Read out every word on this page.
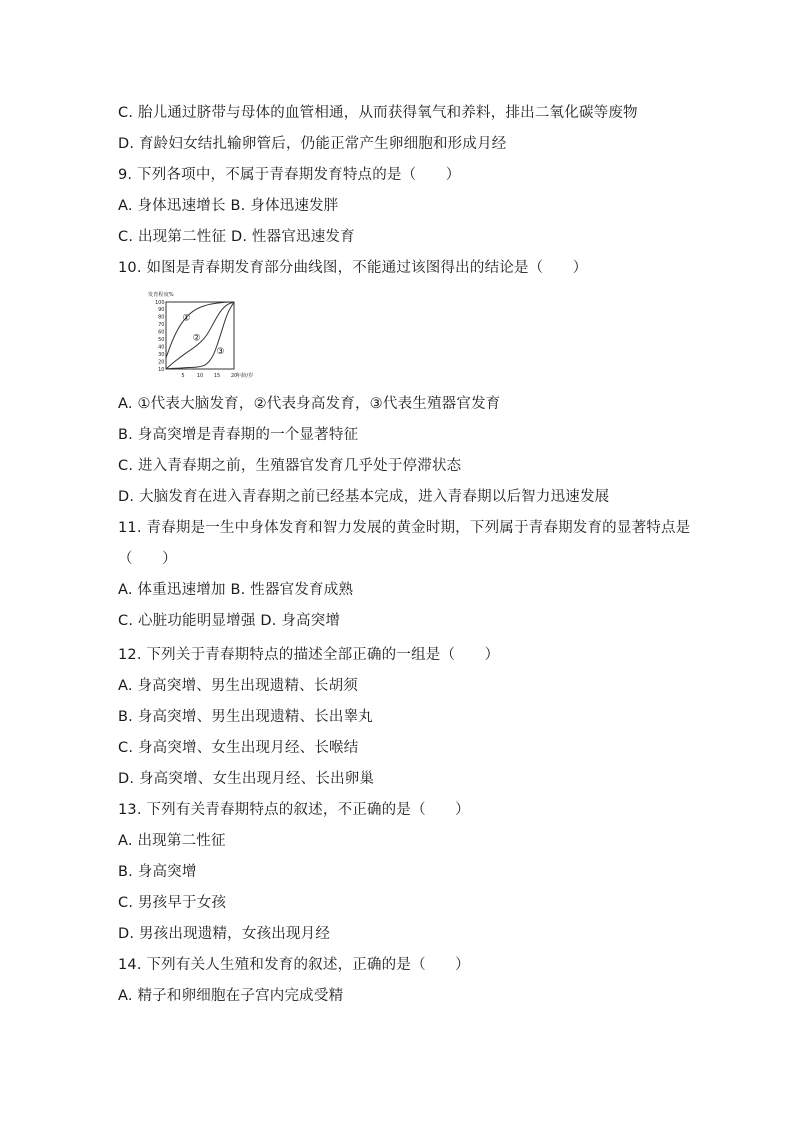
C. 胎儿通过脐带与母体的血管相通，从而获得氧气和养料，排出二氧化碳等废物
D. 育龄妇女结扎输卵管后，仍能正常产生卵细胞和形成月经
9. 下列各项中，不属于青春期发育特点的是（　　）
A. 身体迅速增长 B. 身体迅速发胖
C. 出现第二性征 D. 性器官迅速发育
10. 如图是青春期发育部分曲线图，不能通过该图得出的结论是（　　）
发育程度%
年龄/岁
100
90
80
70
60
50
40
30
20
10
5 10 15 20
①
②
③
A. ①代表大脑发育，②代表身高发育，③代表生殖器官发育
B. 身高突增是青春期的一个显著特征
C. 进入青春期之前，生殖器官发育几乎处于停滞状态
D. 大脑发育在进入青春期之前已经基本完成，进入青春期以后智力迅速发展
11. 青春期是一生中身体发育和智力发展的黄金时期，下列属于青春期发育的显著特点是
（　　）
A. 体重迅速增加 B. 性器官发育成熟
C. 心脏功能明显增强 D. 身高突增
12. 下列关于青春期特点的描述全部正确的一组是（　　）
A. 身高突增、男生出现遗精、长胡须
B. 身高突增、男生出现遗精、长出睾丸
C. 身高突增、女生出现月经、长喉结
D. 身高突增、女生出现月经、长出卵巢
13. 下列有关青春期特点的叙述，不正确的是（　　）
A. 出现第二性征
B. 身高突增
C. 男孩早于女孩
D. 男孩出现遗精，女孩出现月经
14. 下列有关人生殖和发育的叙述，正确的是（　　）
A. 精子和卵细胞在子宫内完成受精
